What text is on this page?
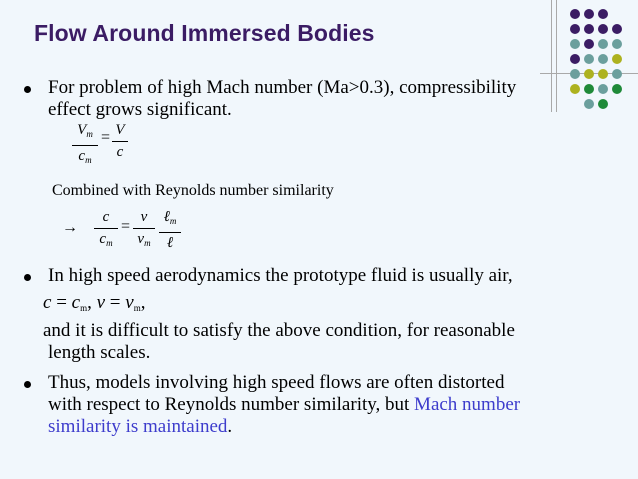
Flow Around Immersed Bodies
For problem of high Mach number (Ma>0.3), compressibility
effect grows significant.
$V_m$
$c_m$
= V
c
Combined with Reynolds number similarity
→
c
$c_m$
=
ν
$\nu_m$
ℓ$_m$
ℓ
In high speed aerodynamics the prototype fluid is usually air,
$c = c_m$, $\nu = \nu_m$,
and it is difficult to satisfy the above condition, for reasonable
length scales.
Thus, models involving high speed flows are often distorted
with respect to Reynolds number similarity, but Mach number
similarity is maintained.
